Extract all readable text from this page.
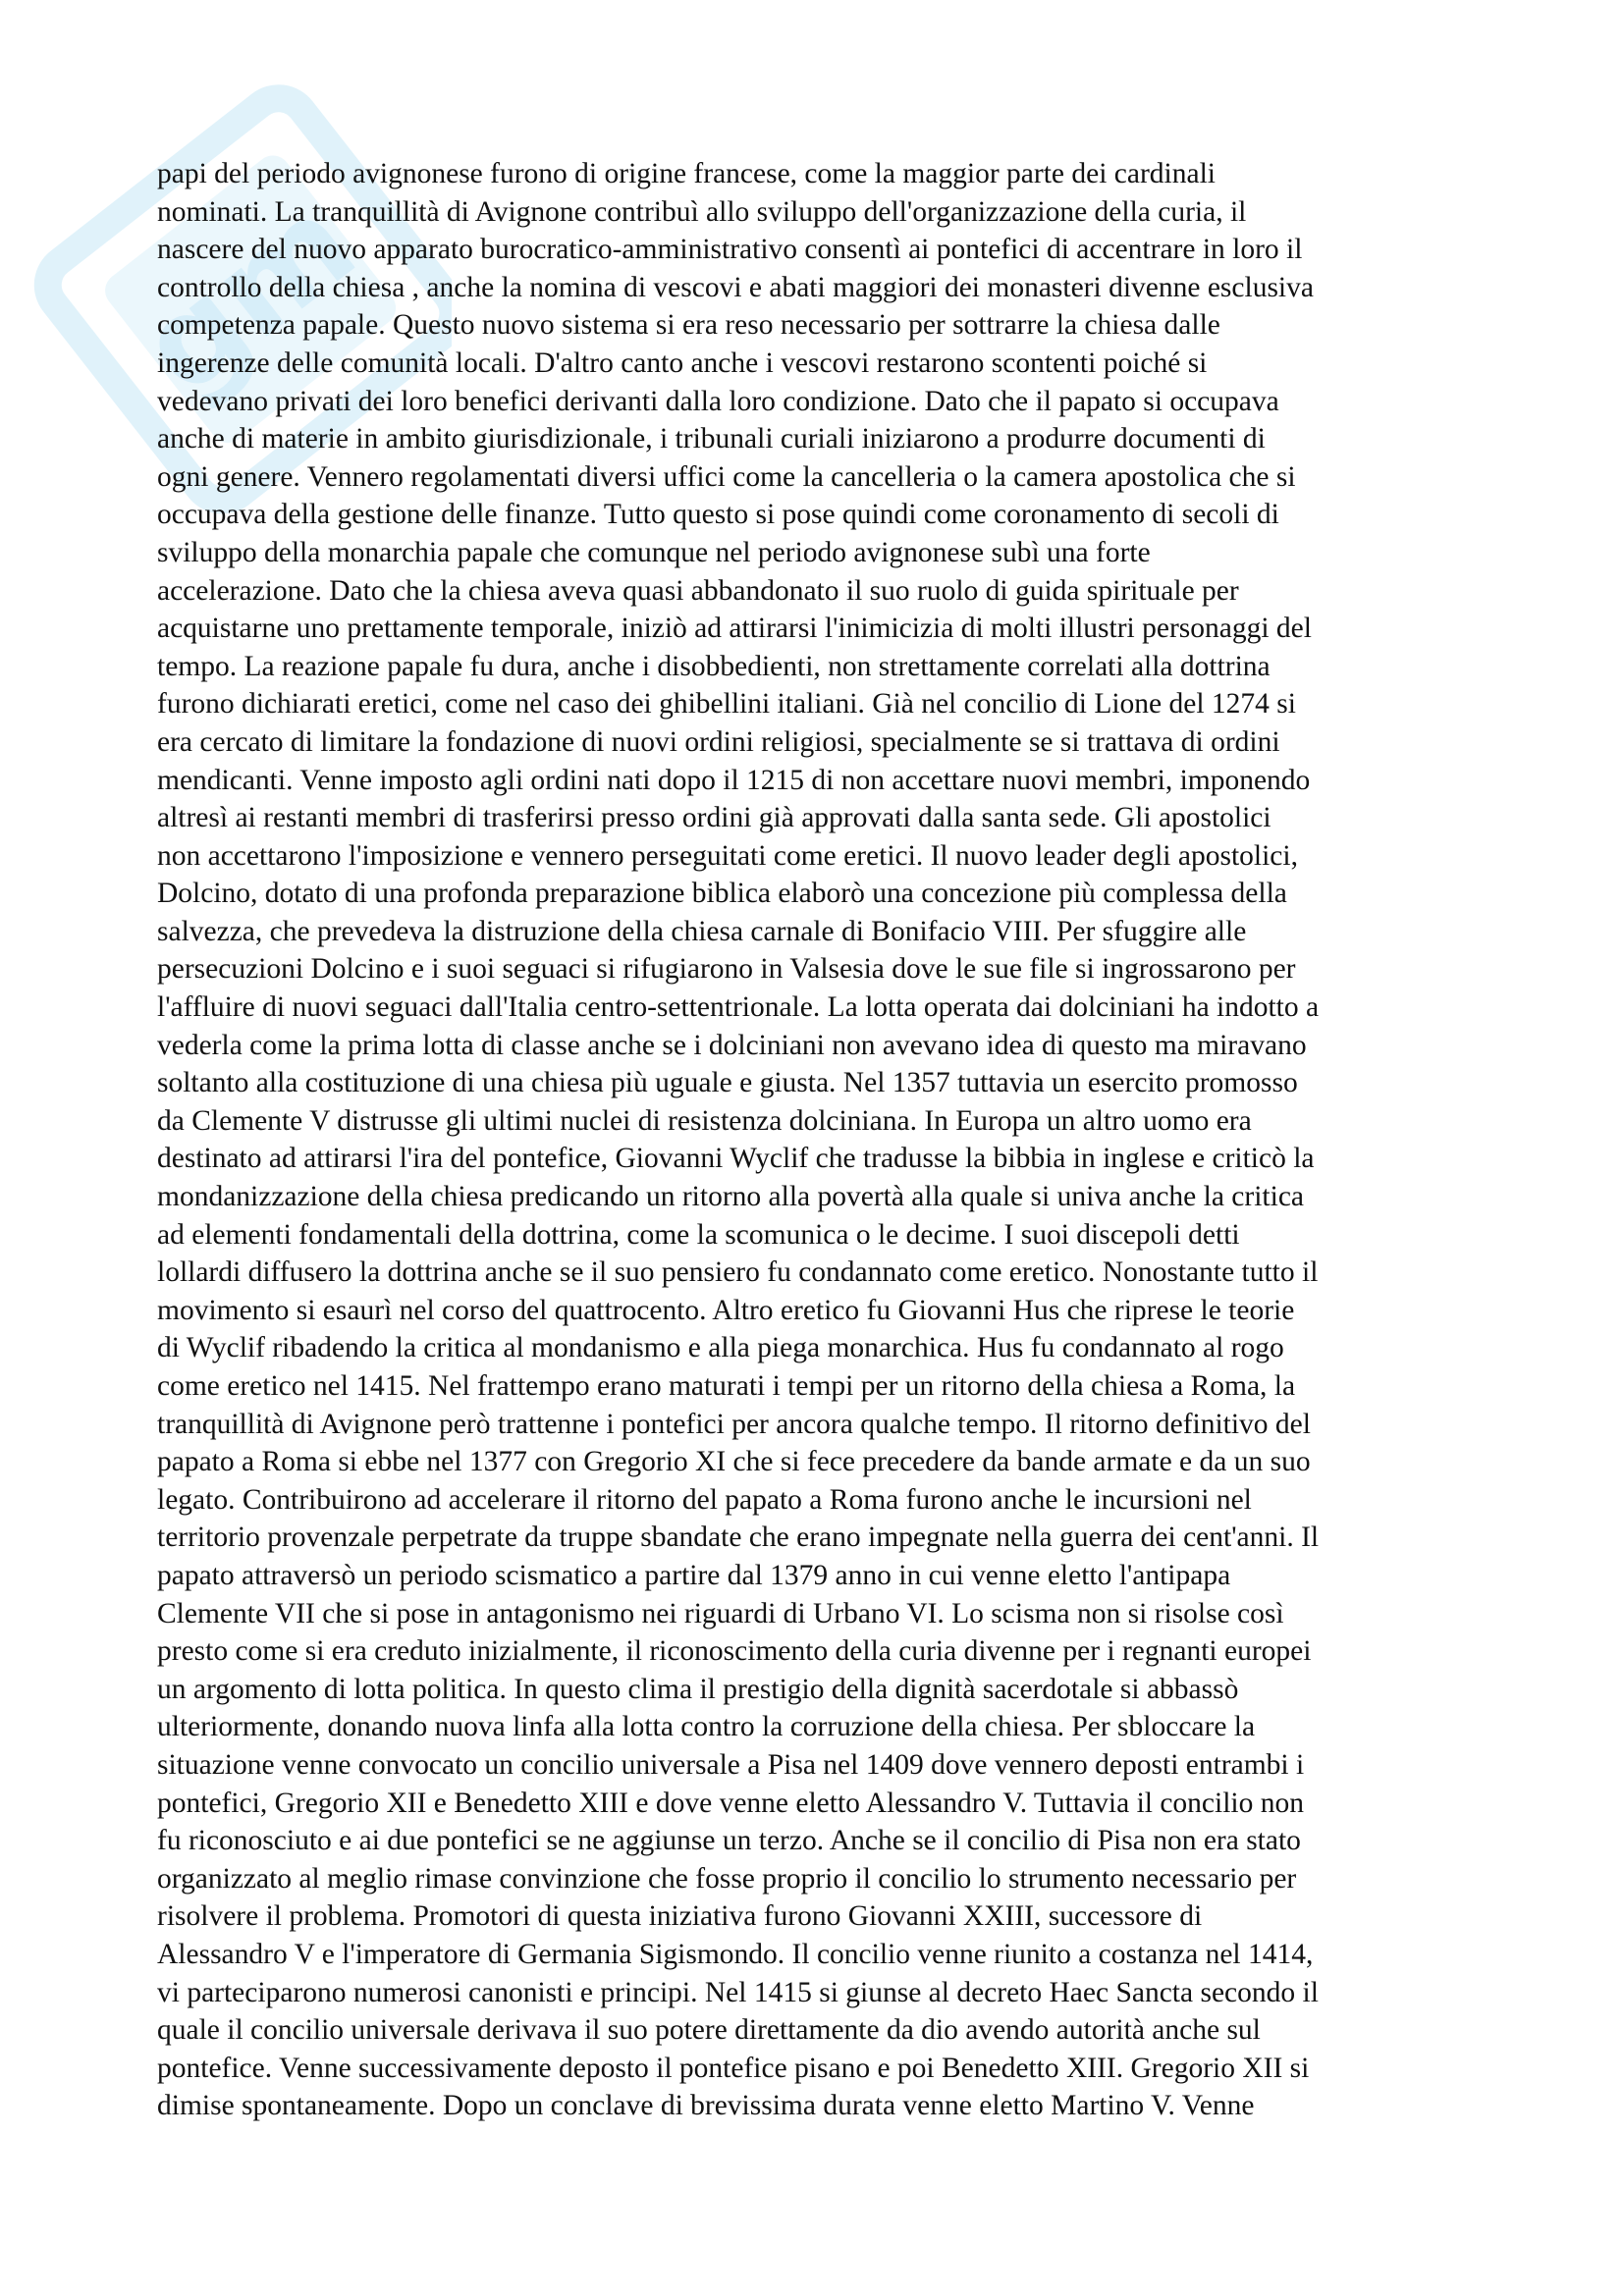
gm
papi del periodo avignonese furono di origine francese, come la maggior parte dei cardinali
nominati. La tranquillità di Avignone contribuì allo sviluppo dell'organizzazione della curia, il
nascere del nuovo apparato burocratico-amministrativo consentì ai pontefici di accentrare in loro il
controllo della chiesa , anche la nomina di vescovi e abati maggiori dei monasteri divenne esclusiva
competenza papale. Questo nuovo sistema si era reso necessario per sottrarre la chiesa dalle
ingerenze delle comunità locali. D'altro canto anche i vescovi restarono scontenti poiché si
vedevano privati dei loro benefici derivanti dalla loro condizione. Dato che il papato si occupava
anche di materie in ambito giurisdizionale, i tribunali curiali iniziarono a produrre documenti di
ogni genere. Vennero regolamentati diversi uffici come la cancelleria o la camera apostolica che si
occupava della gestione delle finanze. Tutto questo si pose quindi come coronamento di secoli di
sviluppo della monarchia papale che comunque nel periodo avignonese subì una forte
accelerazione. Dato che la chiesa aveva quasi abbandonato il suo ruolo di guida spirituale per
acquistarne uno prettamente temporale, iniziò ad attirarsi l'inimicizia di molti illustri personaggi del
tempo. La reazione papale fu dura, anche i disobbedienti, non strettamente correlati alla dottrina
furono dichiarati eretici, come nel caso dei ghibellini italiani. Già nel concilio di Lione del 1274 si
era cercato di limitare la fondazione di nuovi ordini religiosi, specialmente se si trattava di ordini
mendicanti. Venne imposto agli ordini nati dopo il 1215 di non accettare nuovi membri, imponendo
altresì ai restanti membri di trasferirsi presso ordini già approvati dalla santa sede. Gli apostolici
non accettarono l'imposizione e vennero perseguitati come eretici. Il nuovo leader degli apostolici,
Dolcino, dotato di una profonda preparazione biblica elaborò una concezione più complessa della
salvezza, che prevedeva la distruzione della chiesa carnale di Bonifacio VIII. Per sfuggire alle
persecuzioni Dolcino e i suoi seguaci si rifugiarono in Valsesia dove le sue file si ingrossarono per
l'affluire di nuovi seguaci dall'Italia centro-settentrionale. La lotta operata dai dolciniani ha indotto a
vederla come la prima lotta di classe anche se i dolciniani non avevano idea di questo ma miravano
soltanto alla costituzione di una chiesa più uguale e giusta. Nel 1357 tuttavia un esercito promosso
da Clemente V distrusse gli ultimi nuclei di resistenza dolciniana. In Europa un altro uomo era
destinato ad attirarsi l'ira del pontefice, Giovanni Wyclif che tradusse la bibbia in inglese e criticò la
mondanizzazione della chiesa predicando un ritorno alla povertà alla quale si univa anche la critica
ad elementi fondamentali della dottrina, come la scomunica o le decime. I suoi discepoli detti
lollardi diffusero la dottrina anche se il suo pensiero fu condannato come eretico. Nonostante tutto il
movimento si esaurì nel corso del quattrocento. Altro eretico fu Giovanni Hus che riprese le teorie
di Wyclif ribadendo la critica al mondanismo e alla piega monarchica. Hus fu condannato al rogo
come eretico nel 1415. Nel frattempo erano maturati i tempi per un ritorno della chiesa a Roma, la
tranquillità di Avignone però trattenne i pontefici per ancora qualche tempo. Il ritorno definitivo del
papato a Roma si ebbe nel 1377 con Gregorio XI che si fece precedere da bande armate e da un suo
legato. Contribuirono ad accelerare il ritorno del papato a Roma furono anche le incursioni nel
territorio provenzale perpetrate da truppe sbandate che erano impegnate nella guerra dei cent'anni. Il
papato attraversò un periodo scismatico a partire dal 1379 anno in cui venne eletto l'antipapa
Clemente VII che si pose in antagonismo nei riguardi di Urbano VI. Lo scisma non si risolse così
presto come si era creduto inizialmente, il riconoscimento della curia divenne per i regnanti europei
un argomento di lotta politica. In questo clima il prestigio della dignità sacerdotale si abbassò
ulteriormente, donando nuova linfa alla lotta contro la corruzione della chiesa. Per sbloccare la
situazione venne convocato un concilio universale a Pisa nel 1409 dove vennero deposti entrambi i
pontefici, Gregorio XII e Benedetto XIII e dove venne eletto Alessandro V. Tuttavia il concilio non
fu riconosciuto e ai due pontefici se ne aggiunse un terzo. Anche se il concilio di Pisa non era stato
organizzato al meglio rimase convinzione che fosse proprio il concilio lo strumento necessario per
risolvere il problema. Promotori di questa iniziativa furono Giovanni XXIII, successore di
Alessandro V e l'imperatore di Germania Sigismondo. Il concilio venne riunito a costanza nel 1414,
vi parteciparono numerosi canonisti e principi. Nel 1415 si giunse al decreto Haec Sancta secondo il
quale il concilio universale derivava il suo potere direttamente da dio avendo autorità anche sul
pontefice. Venne successivamente deposto il pontefice pisano e poi Benedetto XIII. Gregorio XII si
dimise spontaneamente. Dopo un conclave di brevissima durata venne eletto Martino V. Venne
